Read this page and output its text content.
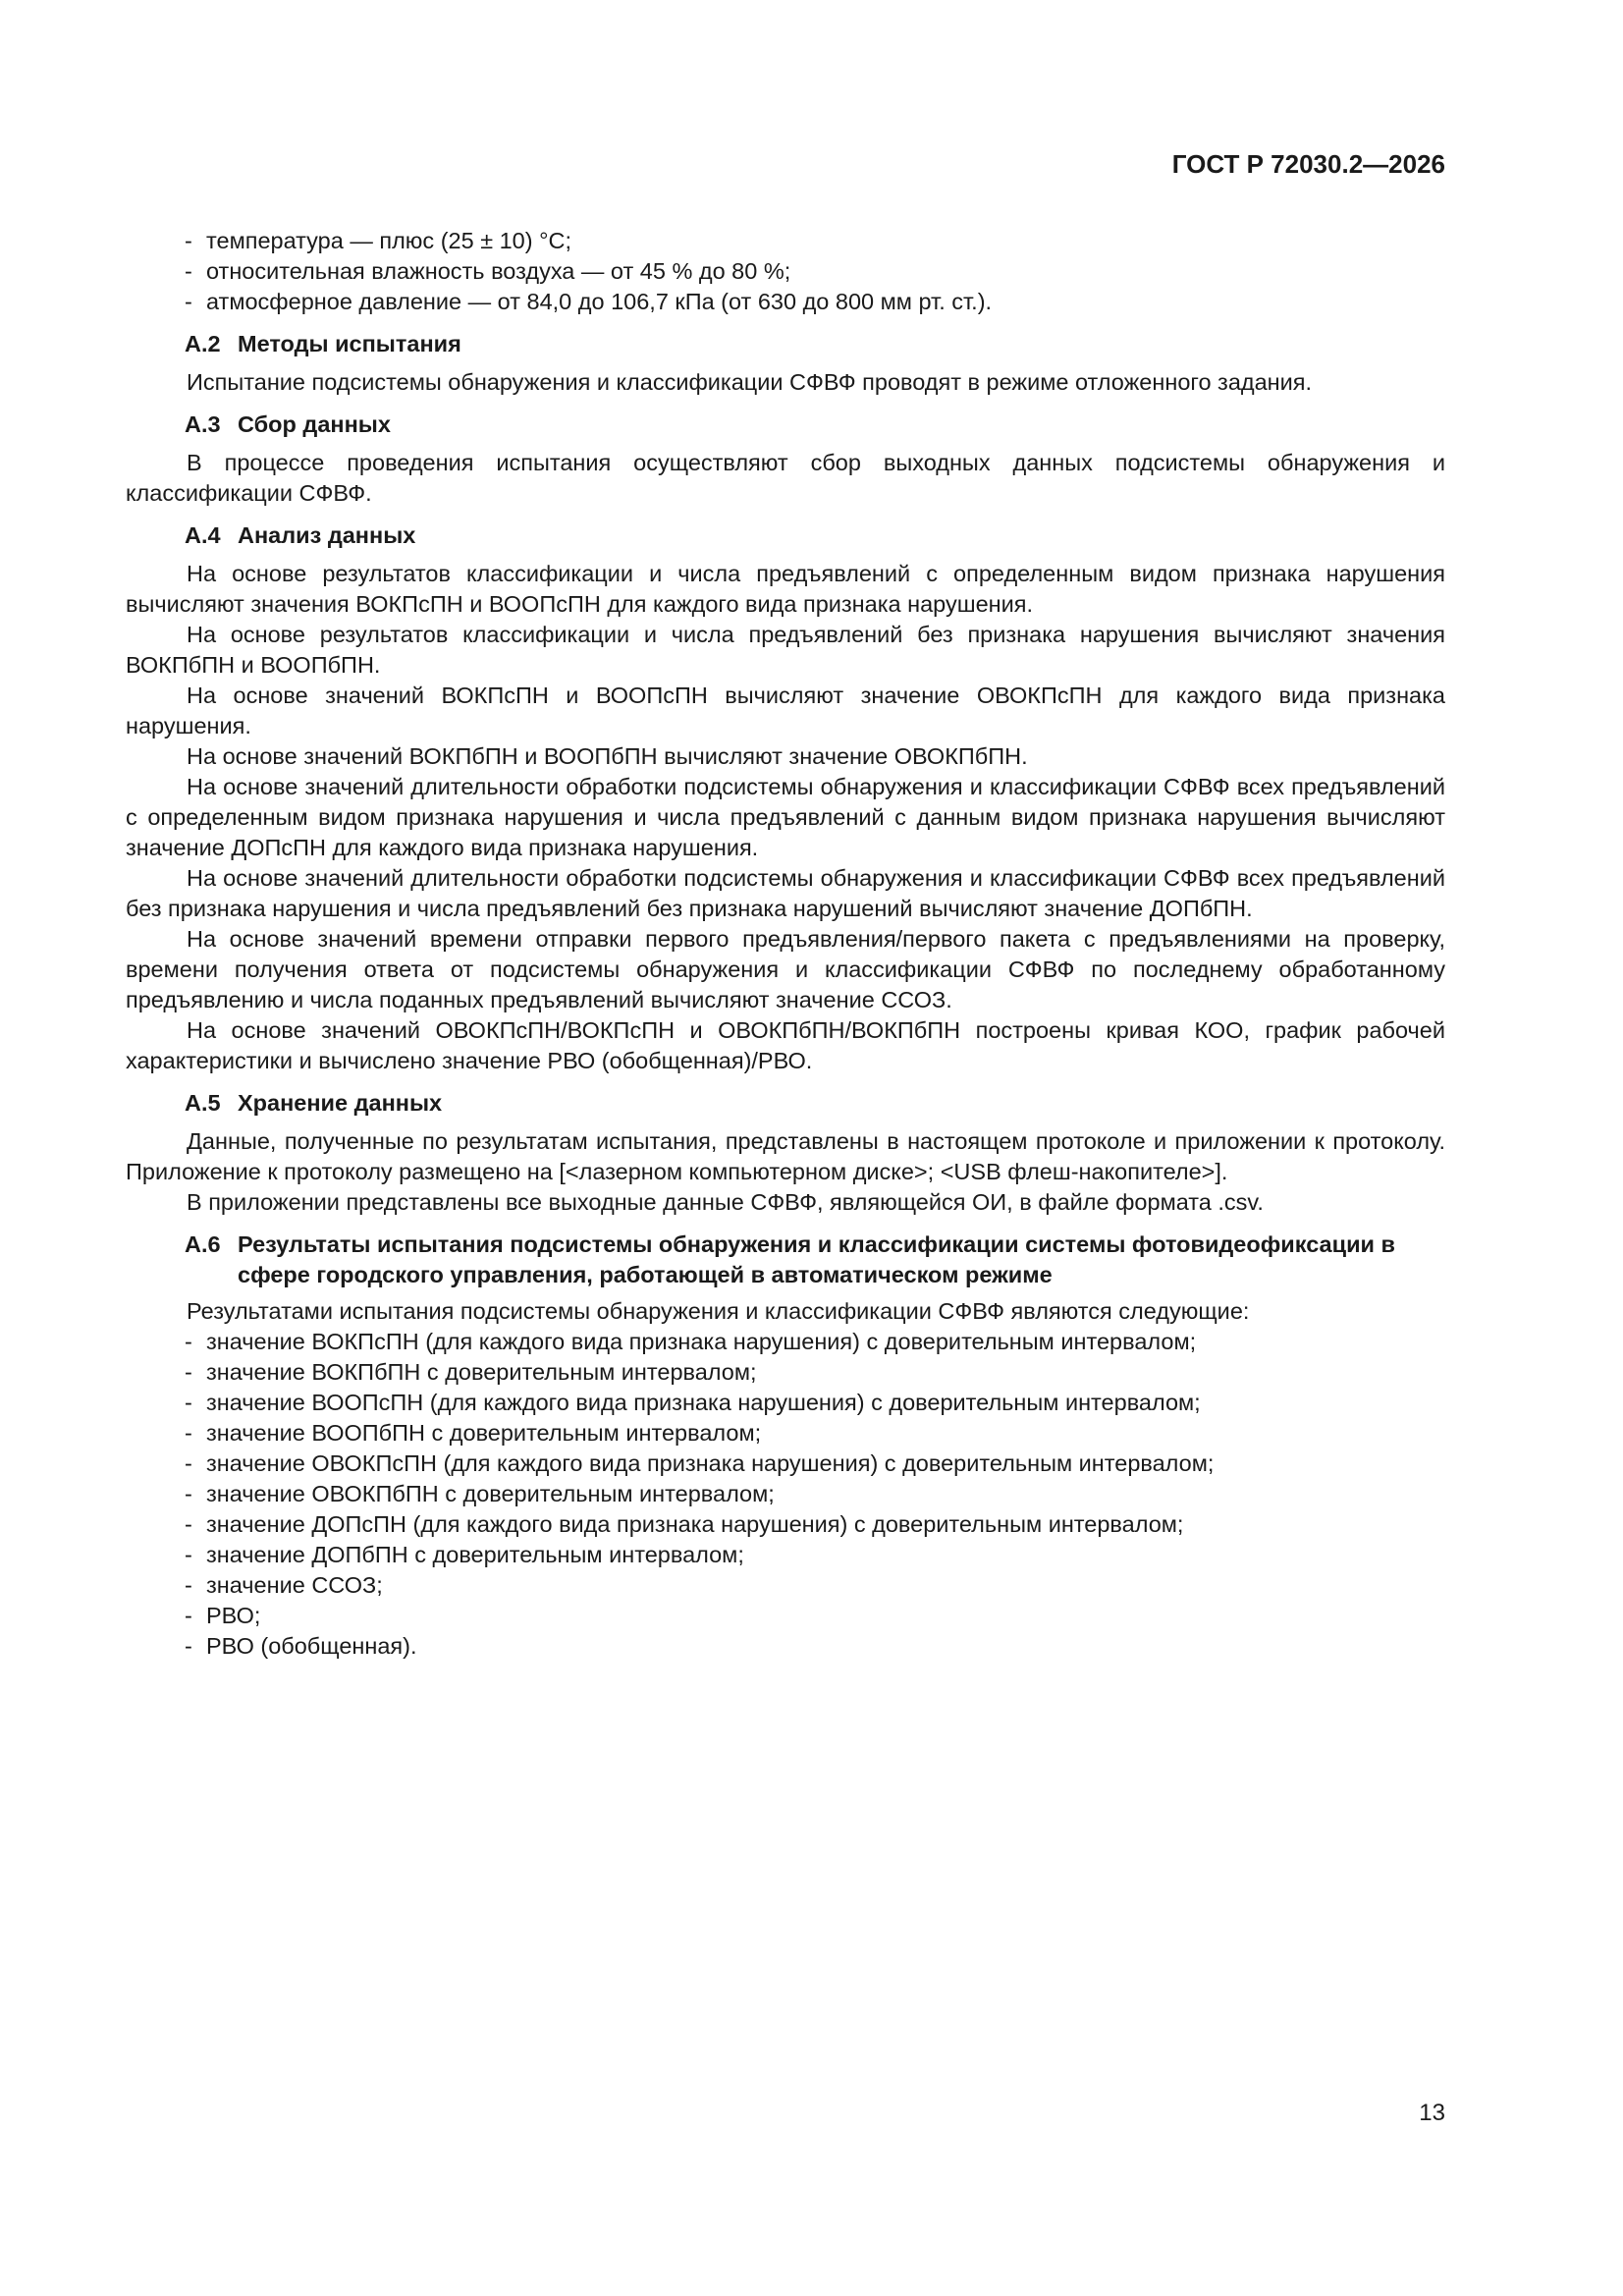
ГОСТ Р 72030.2—2026
- температура — плюс (25 ± 10) °С;
- относительная влажность воздуха — от 45 % до 80 %;
- атмосферное давление — от 84,0 до 106,7 кПа (от 630 до 800 мм рт. ст.).
А.2 Методы испытания
Испытание подсистемы обнаружения и классификации СФВФ проводят в режиме отложенного задания.
А.3 Сбор данных
В процессе проведения испытания осуществляют сбор выходных данных подсистемы обнаружения и классификации СФВФ.
А.4 Анализ данных
На основе результатов классификации и числа предъявлений с определенным видом признака нарушения вычисляют значения ВОКПсПН и ВООПсПН для каждого вида признака нарушения.
На основе результатов классификации и числа предъявлений без признака нарушения вычисляют значения ВОКПбПН и ВООПбПН.
На основе значений ВОКПсПН и ВООПсПН вычисляют значение ОВОКПсПН для каждого вида признака нарушения.
На основе значений ВОКПбПН и ВООПбПН вычисляют значение ОВОКПбПН.
На основе значений длительности обработки подсистемы обнаружения и классификации СФВФ всех предъявлений с определенным видом признака нарушения и числа предъявлений с данным видом признака нарушения вычисляют значение ДОПсПН для каждого вида признака нарушения.
На основе значений длительности обработки подсистемы обнаружения и классификации СФВФ всех предъявлений без признака нарушения и числа предъявлений без признака нарушений вычисляют значение ДОПбПН.
На основе значений времени отправки первого предъявления/первого пакета с предъявлениями на проверку, времени получения ответа от подсистемы обнаружения и классификации СФВФ по последнему обработанному предъявлению и числа поданных предъявлений вычисляют значение ССОЗ.
На основе значений ОВОКПсПН/ВОКПсПН и ОВОКПбПН/ВОКПбПН построены кривая КОО, график рабочей характеристики и вычислено значение РВО (обобщенная)/РВО.
А.5 Хранение данных
Данные, полученные по результатам испытания, представлены в настоящем протоколе и приложении к протоколу. Приложение к протоколу размещено на [<лазерном компьютерном диске>; <USB флеш-накопителе>].
В приложении представлены все выходные данные СФВФ, являющейся ОИ, в файле формата .csv.
А.6 Результаты испытания подсистемы обнаружения и классификации системы фотовидеофиксации в сфере городского управления, работающей в автоматическом режиме
Результатами испытания подсистемы обнаружения и классификации СФВФ являются следующие:
- значение ВОКПсПН (для каждого вида признака нарушения) с доверительным интервалом;
- значение ВОКПбПН с доверительным интервалом;
- значение ВООПсПН (для каждого вида признака нарушения) с доверительным интервалом;
- значение ВООПбПН с доверительным интервалом;
- значение ОВОКПсПН (для каждого вида признака нарушения) с доверительным интервалом;
- значение ОВОКПбПН с доверительным интервалом;
- значение ДОПсПН (для каждого вида признака нарушения) с доверительным интервалом;
- значение ДОПбПН с доверительным интервалом;
- значение ССОЗ;
- РВО;
- РВО (обобщенная).
13
